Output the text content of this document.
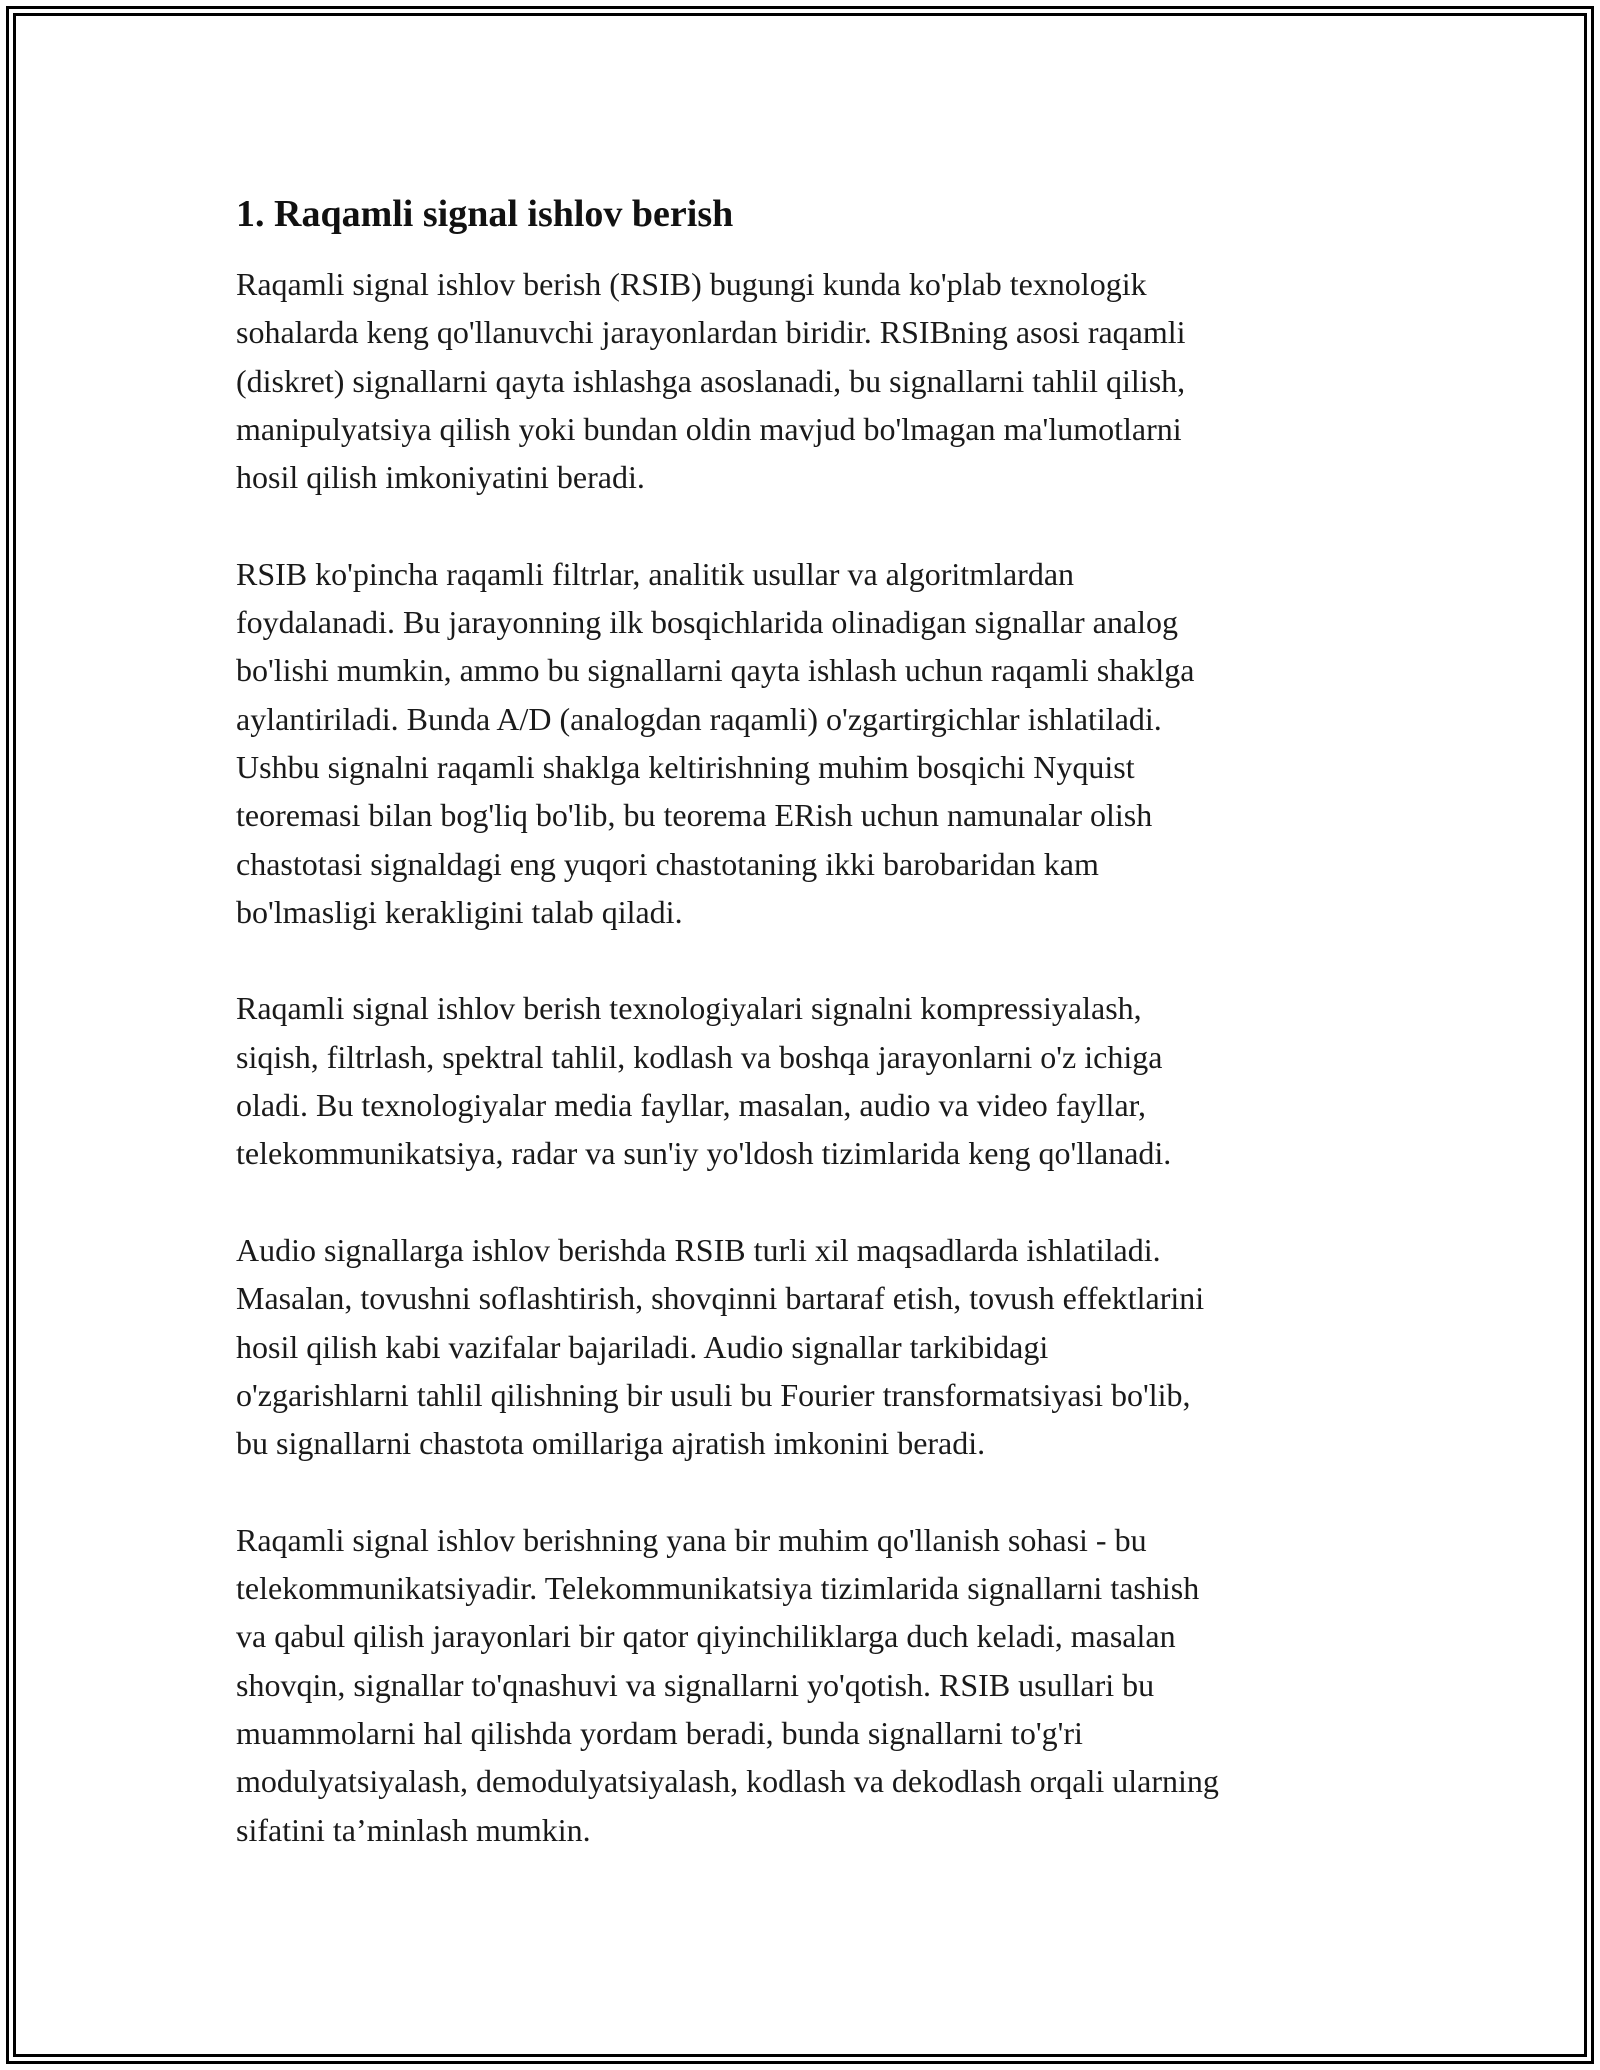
1. Raqamli signal ishlov berish

Raqamli signal ishlov berish (RSIB) bugungi kunda ko'plab texnologik
sohalarda keng qo'llanuvchi jarayonlardan biridir. RSIBning asosi raqamli
(diskret) signallarni qayta ishlashga asoslanadi, bu signallarni tahlil qilish,
manipulyatsiya qilish yoki bundan oldin mavjud bo'lmagan ma'lumotlarni
hosil qilish imkoniyatini beradi.

RSIB ko'pincha raqamli filtrlar, analitik usullar va algoritmlardan
foydalanadi. Bu jarayonning ilk bosqichlarida olinadigan signallar analog
bo'lishi mumkin, ammo bu signallarni qayta ishlash uchun raqamli shaklga
aylantiriladi. Bunda A/D (analogdan raqamli) o'zgartirgichlar ishlatiladi.
Ushbu signalni raqamli shaklga keltirishning muhim bosqichi Nyquist
teoremasi bilan bog'liq bo'lib, bu teorema ERish uchun namunalar olish
chastotasi signaldagi eng yuqori chastotaning ikki barobaridan kam
bo'lmasligi kerakligini talab qiladi.

Raqamli signal ishlov berish texnologiyalari signalni kompressiyalash,
siqish, filtrlash, spektral tahlil, kodlash va boshqa jarayonlarni o'z ichiga
oladi. Bu texnologiyalar media fayllar, masalan, audio va video fayllar,
telekommunikatsiya, radar va sun'iy yo'ldosh tizimlarida keng qo'llanadi.

Audio signallarga ishlov berishda RSIB turli xil maqsadlarda ishlatiladi.
Masalan, tovushni soflashtirish, shovqinni bartaraf etish, tovush effektlarini
hosil qilish kabi vazifalar bajariladi. Audio signallar tarkibidagi
o'zgarishlarni tahlil qilishning bir usuli bu Fourier transformatsiyasi bo'lib,
bu signallarni chastota omillariga ajratish imkonini beradi.

Raqamli signal ishlov berishning yana bir muhim qo'llanish sohasi - bu
telekommunikatsiyadir. Telekommunikatsiya tizimlarida signallarni tashish
va qabul qilish jarayonlari bir qator qiyinchiliklarga duch keladi, masalan
shovqin, signallar to'qnashuvi va signallarni yo'qotish. RSIB usullari bu
muammolarni hal qilishda yordam beradi, bunda signallarni to'g'ri
modulyatsiyalash, demodulyatsiyalash, kodlash va dekodlash orqali ularning
sifatini ta’minlash mumkin.
